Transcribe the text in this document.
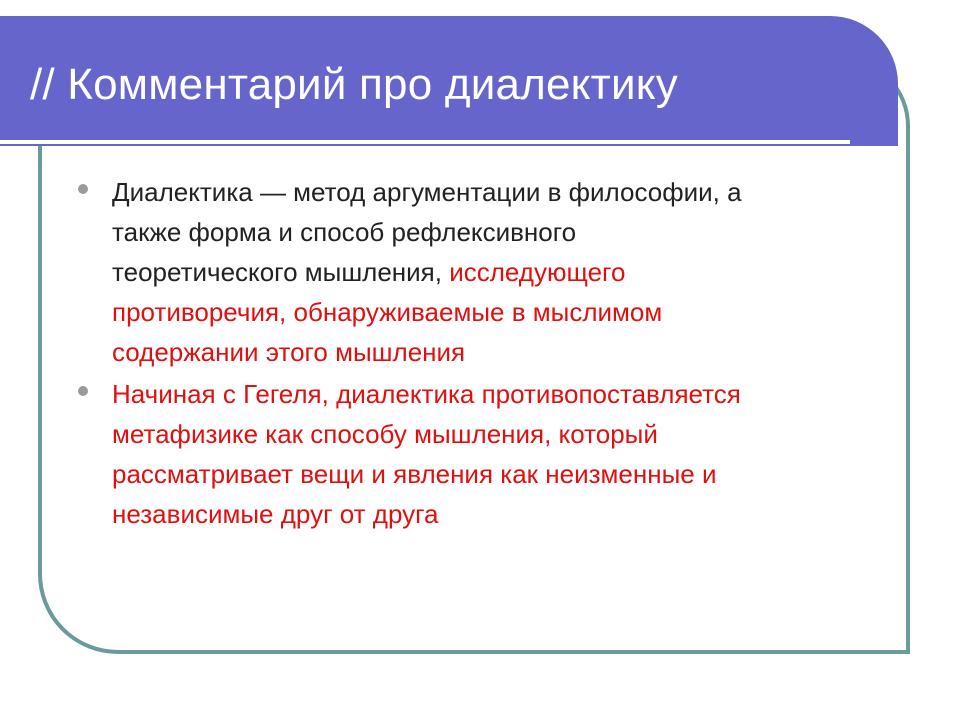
// Комментарий про диалектику
Диалектика — метод аргументации в философии, а
также форма и способ рефлексивного
теоретического мышления, исследующего
противоречия, обнаруживаемые в мыслимом
содержании этого мышления
Начиная с Гегеля, диалектика противопоставляется
метафизике как способу мышления, который
рассматривает вещи и явления как неизменные и
независимые друг от друга
